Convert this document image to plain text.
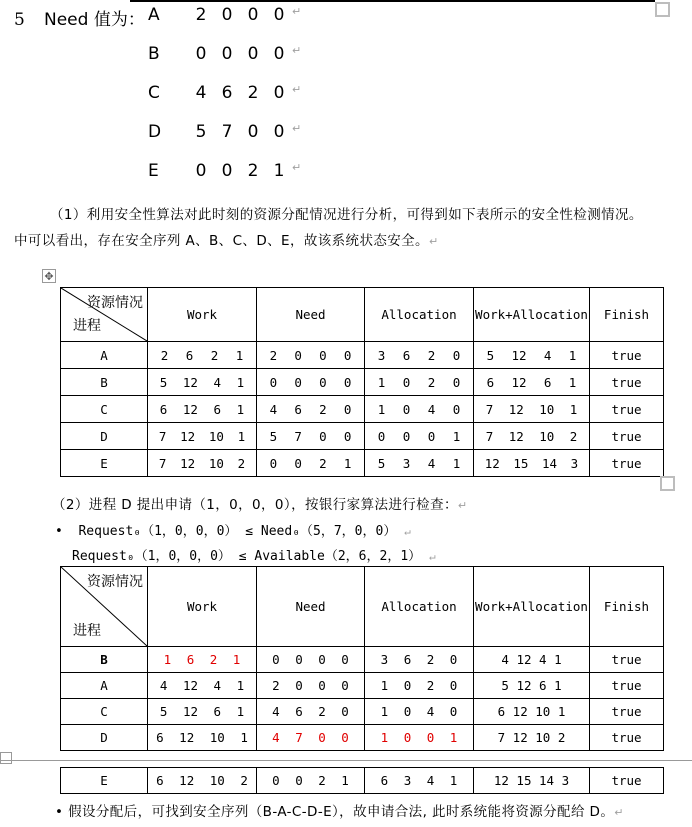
5 Need 值为： A	2 0 0 0 ↵
B	0 0 0 0 ↵
C	4 6 2 0 ↵
D	5 7 0 0 ↵
E	0 0 2 1 ↵
（1）利用安全性算法对此时刻的资源分配情况进行分析，可得到如下表所示的安全性检测情况。
中可以看出，存在安全序列 A、B、C、D、E，故该系统状态安全。↵
✥
资源情况
进程	Work	Need	Allocation	Work+Allocation	Finish
A	2 6 2 1	2 0 0 0	3 6 2 0	5 12 4 1	true
B	5 12 4 1	0 0 0 0	1 0 2 0	6 12 6 1	true
C	6 12 6 1	4 6 2 0	1 0 4 0	7 12 10 1	true
D	7 12 10 1	5 7 0 0	0 0 0 1	7 12 10 2	true
E	7 12 10 2	0 0 2 1	5 3 4 1	12 15 14 3	true
（2）进程 D 提出申请（1，0，0，0），按银行家算法进行检查：↵
• Request₀（1，0，0，0） ≤ Need₀（5，7，0，0） ↵
Request₀（1，0，0，0） ≤ Available（2，6，2，1） ↵
资源情况
进程	Work	Need	Allocation	Work+Allocation	Finish
B	1 6 2 1	0 0 0 0	3 6 2 0	4 12 4 1	true
A	4 12 4 1	2 0 0 0	1 0 2 0	5 12 6 1	true
C	5 12 6 1	4 6 2 0	1 0 4 0	6 12 10 1	true
D	6 12 10 1	4 7 0 0	1 0 0 1	7 12 10 2	true
E	6 12 10 2	0 0 2 1	6 3 4 1	12 15 14 3	true
• 假设分配后，可找到安全序列（B-A-C-D-E），故申请合法, 此时系统能将资源分配给 D。↵
